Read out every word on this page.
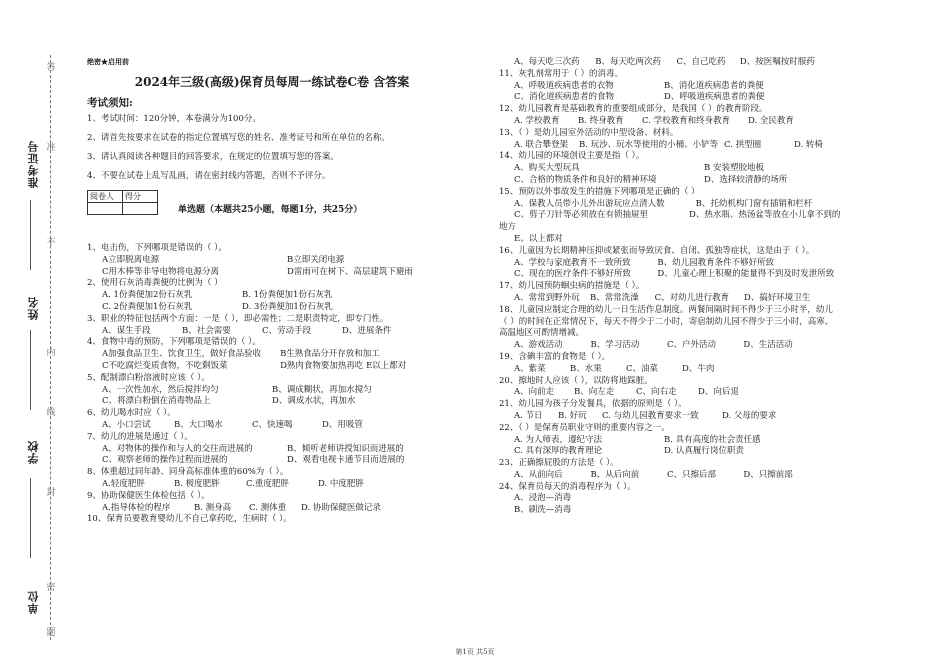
答
准
不
内
线
封
密
题
准考证号
姓名
学校
单位
绝密★启用前
2024年三级(高级)保育员每周一练试卷C卷 含答案
考试须知:
1、考试时间：120分钟，本卷满分为100分。
2、请首先按要求在试卷的指定位置填写您的姓名、准考证号和所在单位的名称。
3、请认真阅读各种题目的回答要求，在规定的位置填写您的答案。
4、不要在试卷上乱写乱画，请在密封线内答题，否则不予评分。
阅卷人	得分

单选题（本题共25小题，每题1分，共25分）
1、电击伤，下列哪项是错误的（ ）。
A立即脱离电源	B立即关闭电源
C用木棒等非导电物将电源分离	D雷雨可在树下、高层建筑下避雨
2、使用石灰消毒粪便的比例为（ ）
A. 1份粪便加2份石灰乳	B. 1份粪便加1份石灰乳
C. 2份粪便加1份石灰乳	D. 3份粪便加1份石灰乳
3、职业的特征包括两个方面：一是（ ），即必需性；二是职责特定，即专门性。
A、谋生手段	B、社会需要	C、劳动手段	D、进展条件
4、食物中毒的预防，下列哪项是错误的（ ）。
A加强食品卫生、饮食卫生，做好食品验收	B生熟食品分开存放和加工
C不吃腐烂变质食物，不吃剩饭菜	D熟肉食物要加热再吃 E以上都对
5、配制漂白粉溶液时应该（ ）。
A、一次性加水，然后搅拌均匀	B、调成糊状，再加水搅匀
C、将漂白粉倒在消毒物品上	D、调成水状，再加水
6、幼儿喝水时应（ ）。
A、小口尝试	B、大口喝水	C、快速喝	D、用吸管
7、幼儿的进展是通过（ ）。
A、对物体的操作和与人的交往而进展的	B、倾听老师讲授知识而进展的
C、观察老师的操作过程而进展的	D、观看电视卡通节目而进展的
8、体重超过同年龄、同身高标准体重的60%为（ ）。
A.轻度肥胖	B. 极度肥胖	C.重度肥胖	D. 中度肥胖
9、协助保健医生体检包括（ ）。
A.指导体检的程序	B. 测身高	C. 测体重	D. 协助保健医做记录
10、保育员要教育婴幼儿不自己拿药吃，生病时（ ）。
A、每天吃三次药	B、每天吃两次药	C、自己吃药	D、按医嘱按时服药
11、灰乳剂常用于（ ）的消毒。
A、呼吸道疾病患者的衣物	B、消化道疾病患者的粪便
C、消化道疾病患者的食物	D、呼吸道疾病患者的粪便
12、幼儿园教育是基础教育的重要组成部分，是我国（ ）的教育阶段。
A. 学校教育	B. 终身教育	C. 学校教育和终身教育	D. 全民教育
13、（ ）是幼儿园室外活动的中型设备、材料。
A. 联合攀登架	B. 玩沙、玩水等使用的小桶、小铲等 C. 拱型圈	D. 转椅
14、幼儿园的环境创设主要是指（ ）。
A、购买大型玩具	B 安装塑胶地板
C、合格的物质条件和良好的精神环境	D、选择较清静的场所
15、预防以外事故发生的措施下列哪项是正确的（ ）
A、保教人员带小儿外出游玩应点清人数	B、托幼机构门窗有插销和栏杆
C、剪子刀针等必须放在有锁抽屉里	D、热水瓶、热汤盆等放在小儿拿不到的
地方
E、以上都对
16、儿童因为长期精神压抑或紧张而导致厌食、自闭、孤独等症状，这是由于（ ）。
A、学校与家庭教育不一致所致	B、幼儿园教育条件不够好所致
C、现在的医疗条件不够好所致	D、儿童心理上积聚的能量得不到及时发泄所致
17、幼儿园预防蛔虫病的措施是（ ）。
A、常常到野外玩	B、常常洗澡	C、对幼儿进行教育	D、搞好环境卫生
18、儿童园应制定合理的幼儿一日生活作息制度。两餐间隔时间不得少于三小时半，幼儿（ ）的时间在正常情况下，每天不得少于二小时，寄宿制幼儿园不得少于三小时，高寒、高温地区可酌情增减。
A、游戏活动	B、学习活动	C、户外活动	D、生活活动
19、含碘丰富的食物是（ ）。
A、紫菜	B、水果	C、油菜	D、牛肉
20、擦地时人应该（ ），以防将地踩脏。
A、向前走	B、向左走	C、向右走	D、向后退
21、幼儿园为孩子分发餐具，依据的原则是（ ）。
A. 节日	B. 好玩	C. 与幼儿园教育要求一致	D. 父母的要求
22、（ ）是保育员职业守则的重要内容之一。
A. 为人师表，遵纪守法	B. 具有高度的社会责任感
C. 具有深厚的教育理论	D. 认真履行岗位职责
23、正确擦屁股的方法是（ ）。
A、从前向后	B、从后向前	C、只擦后部	D、只擦前部
24、保育员每天的消毒程序为（ ）。
A、浸泡—消毒
B、刷洗—消毒
第1页 共5页
